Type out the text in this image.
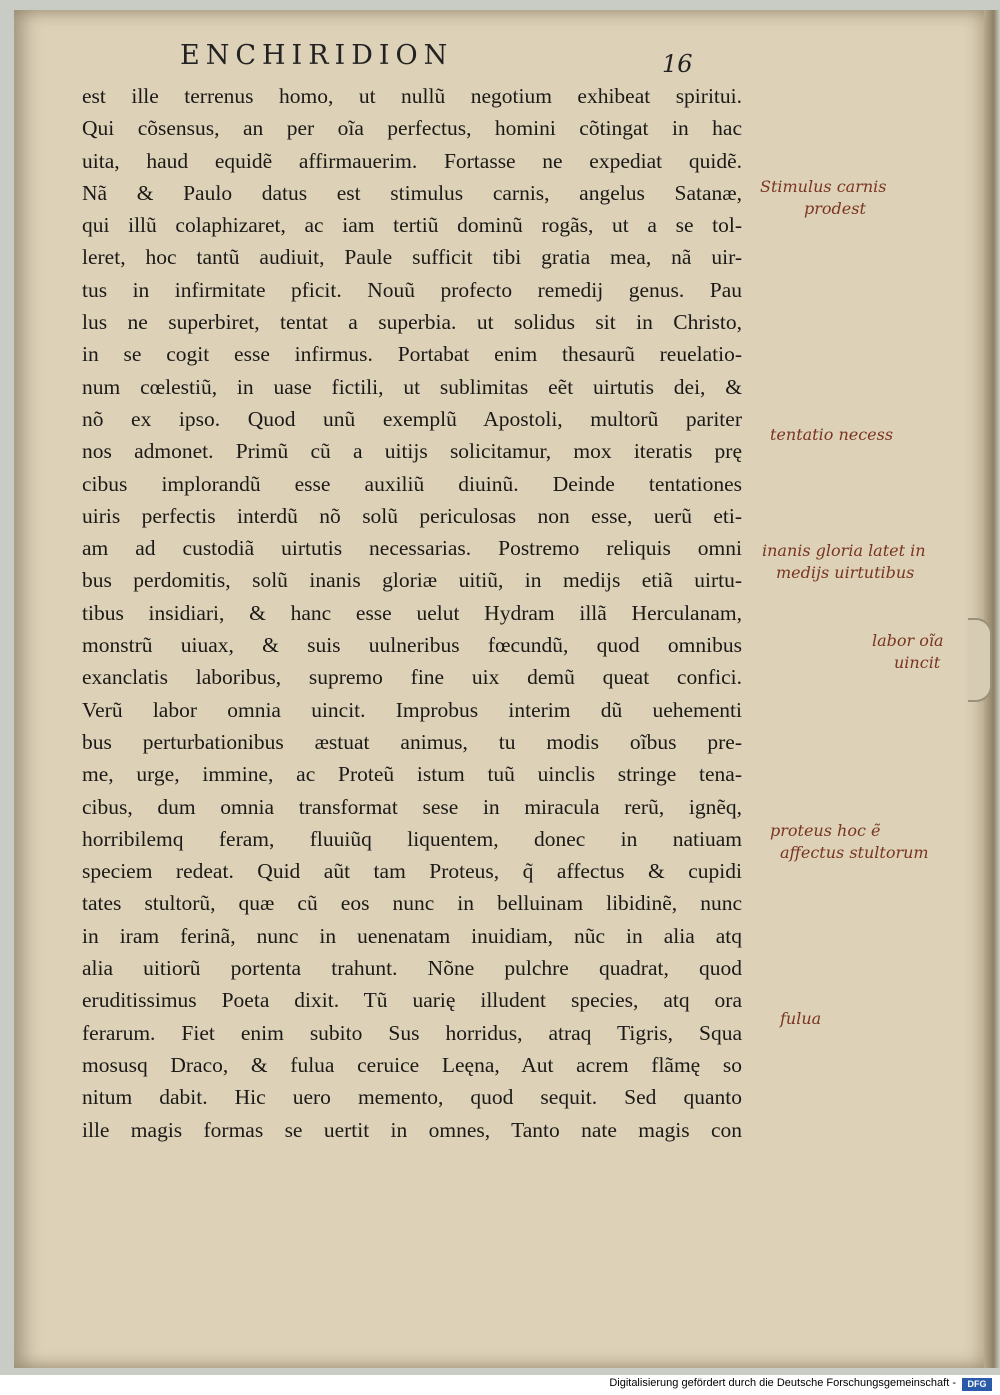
ENCHIRIDION	16
est ille terrenus homo, ut nullũ negotium exhibeat spiritui.
Qui cõsensus, an per oĩa perfectus, homini cõtingat in hac
uita, haud equidẽ affirmauerim. Fortasse ne expediat quidẽ.
Nã & Paulo datus est stimulus carnis, angelus Satanæ,
qui illũ colaphizaret, ac iam tertiũ dominũ rogãs, ut a se tol-
leret, hoc tantũ audiuit, Paule sufficit tibi gratia mea, nã uir-
tus in infirmitate pficit. Nouũ profecto remedij genus. Pau
lus ne superbiret, tentat a superbia. ut solidus sit in Christo,
in se cogit esse infirmus. Portabat enim thesaurũ reuelatio-
num cœlestiũ, in uase fictili, ut sublimitas eẽt uirtutis dei, &
nõ ex ipso. Quod unũ exemplũ Apostoli, multorũ pariter
nos admonet. Primũ cũ a uitijs solicitamur, mox iteratis prę
cibus implorandũ esse auxiliũ diuinũ. Deinde tentationes
uiris perfectis interdũ nõ solũ periculosas non esse, uerũ eti-
am ad custodiã uirtutis necessarias. Postremo reliquis omni
bus perdomitis, solũ inanis gloriæ uitiũ, in medijs etiã uirtu-
tibus insidiari, & hanc esse uelut Hydram illã Herculanam,
monstrũ uiuax, & suis uulneribus fœcundũ, quod omnibus
exanclatis laboribus, supremo fine uix demũ queat confici.
Verũ labor omnia uincit. Improbus interim dũ uehementi
bus perturbationibus æstuat animus, tu modis oĩbus pre-
me, urge, immine, ac Proteũ istum tuũ uinclis stringe tena-
cibus, dum omnia transformat sese in miracula rerũ, ignẽq,
horribilemq feram, fluuiũq liquentem, donec in natiuam
speciem redeat. Quid aũt tam Proteus, q̃ affectus & cupidi
tates stultorũ, quæ cũ eos nunc in belluinam libidinẽ, nunc
in iram ferinã, nunc in uenenatam inuidiam, nũc in alia atq
alia uitiorũ portenta trahunt. Nõne pulchre quadrat, quod
eruditissimus Poeta dixit. Tũ uarię illudent species, atq ora
ferarum. Fiet enim subito Sus horridus, atraq Tigris, Squa
mosusq Draco, & fulua ceruice Leęna, Aut acrem flãmę so
nitum dabit. Hic uero memento, quod sequit. Sed quanto
ille magis formas se uertit in omnes, Tanto nate magis con
Stimulus carnis
prodest
tentatio necess
inanis gloria latet in
medijs uirtutibus
labor oĩa
uincit
proteus hoc ẽ
affectus stultorum
fulua
Digitalisierung gefördert durch die Deutsche Forschungsgemeinschaft -	DFG
